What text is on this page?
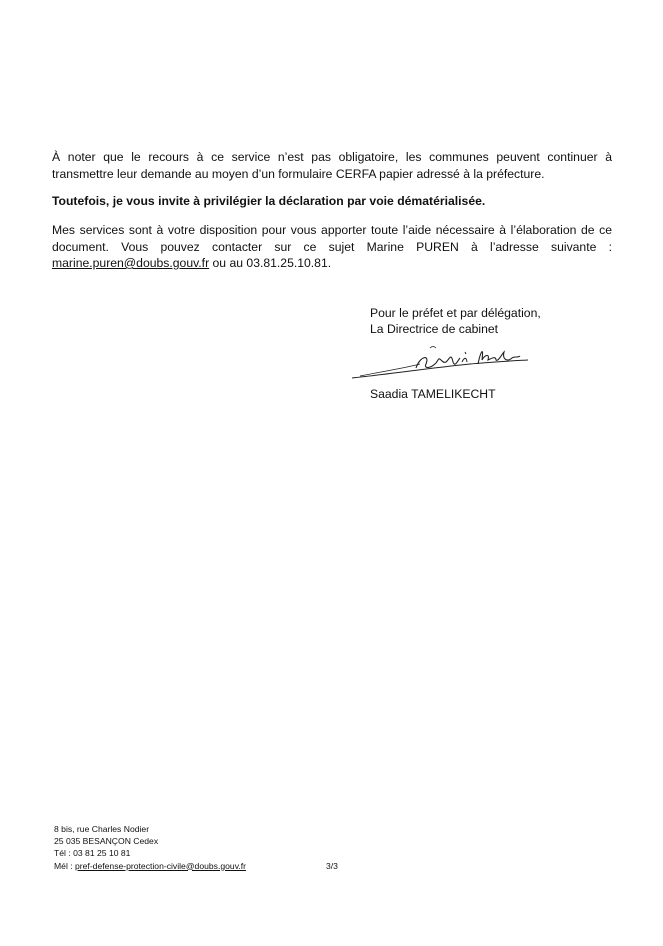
À noter que le recours à ce service n’est pas obligatoire, les communes peuvent continuer à transmettre leur demande au moyen d’un formulaire CERFA papier adressé à la préfecture.

Toutefois, je vous invite à privilégier la déclaration par voie dématérialisée.

Mes services sont à votre disposition pour vous apporter toute l’aide nécessaire à l’élaboration de ce document. Vous pouvez contacter sur ce sujet Marine PUREN à l’adresse suivante : marine.puren@doubs.gouv.fr ou au 03.81.25.10.81.

Pour le préfet et par délégation,
La Directrice de cabinet
Saadia TAMELIKECHT
8 bis, rue Charles Nodier
25 035 BESANÇON Cedex
Tél : 03 81 25 10 81
Mél : pref-defense-protection-civile@doubs.gouv.fr	3/3
